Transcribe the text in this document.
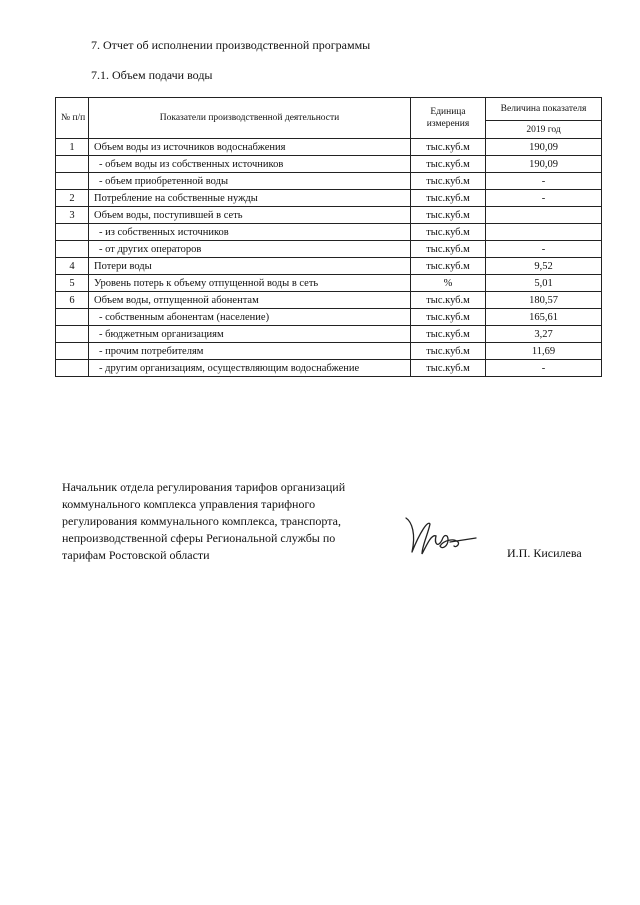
7. Отчет об исполнении производственной программы
7.1. Объем подачи воды
№ п/п	Показатели производственной деятельности	Единица измерения	Величина показателя
			2019 год
1	Объем воды из источников водоснабжения	тыс.куб.м	190,09
	- объем воды из собственных источников	тыс.куб.м	190,09
	- объем приобретенной воды	тыс.куб.м	-
2	Потребление на собственные нужды	тыс.куб.м	-
3	Объем воды, поступившей в сеть	тыс.куб.м	
	- из собственных источников	тыс.куб.м	
	- от других операторов	тыс.куб.м	-
4	Потери воды	тыс.куб.м	9,52
5	Уровень потерь к объему отпущенной воды в сеть	%	5,01
6	Объем воды, отпущенной абонентам	тыс.куб.м	180,57
	- собственным абонентам (население)	тыс.куб.м	165,61
	- бюджетным организациям	тыс.куб.м	3,27
	- прочим потребителям	тыс.куб.м	11,69
	- другим организациям, осуществляющим водоснабжение	тыс.куб.м	-
Начальник отдела регулирования тарифов организаций
коммунального комплекса управления тарифного
регулирования коммунального комплекса, транспорта,
непроизводственной сферы Региональной службы по
тарифам Ростовской области	И.П. Кисилева
